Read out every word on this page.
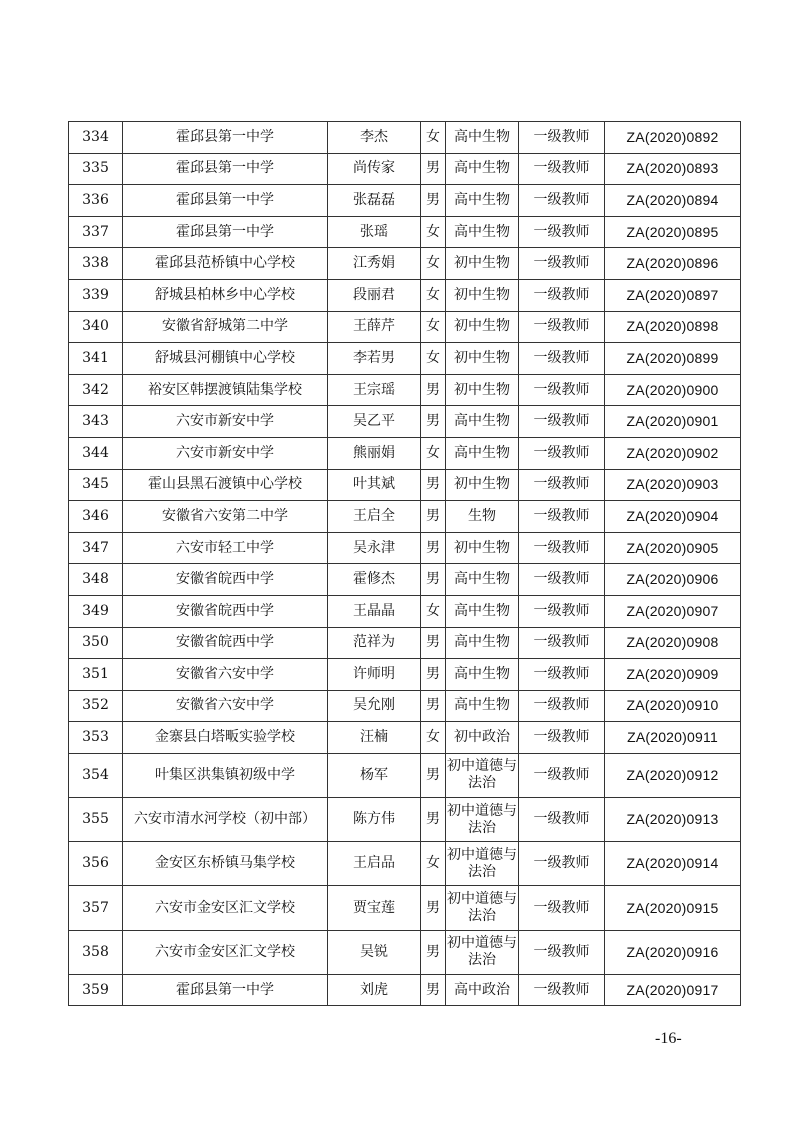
334	霍邱县第一中学	李杰	女	高中生物	一级教师	ZA(2020)0892
335	霍邱县第一中学	尚传家	男	高中生物	一级教师	ZA(2020)0893
336	霍邱县第一中学	张磊磊	男	高中生物	一级教师	ZA(2020)0894
337	霍邱县第一中学	张瑶	女	高中生物	一级教师	ZA(2020)0895
338	霍邱县范桥镇中心学校	江秀娟	女	初中生物	一级教师	ZA(2020)0896
339	舒城县柏林乡中心学校	段丽君	女	初中生物	一级教师	ZA(2020)0897
340	安徽省舒城第二中学	王薛芹	女	初中生物	一级教师	ZA(2020)0898
341	舒城县河棚镇中心学校	李若男	女	初中生物	一级教师	ZA(2020)0899
342	裕安区韩摆渡镇陆集学校	王宗瑶	男	初中生物	一级教师	ZA(2020)0900
343	六安市新安中学	吴乙平	男	高中生物	一级教师	ZA(2020)0901
344	六安市新安中学	熊丽娟	女	高中生物	一级教师	ZA(2020)0902
345	霍山县黑石渡镇中心学校	叶其斌	男	初中生物	一级教师	ZA(2020)0903
346	安徽省六安第二中学	王启全	男	生物	一级教师	ZA(2020)0904
347	六安市轻工中学	吴永津	男	初中生物	一级教师	ZA(2020)0905
348	安徽省皖西中学	霍修杰	男	高中生物	一级教师	ZA(2020)0906
349	安徽省皖西中学	王晶晶	女	高中生物	一级教师	ZA(2020)0907
350	安徽省皖西中学	范祥为	男	高中生物	一级教师	ZA(2020)0908
351	安徽省六安中学	许师明	男	高中生物	一级教师	ZA(2020)0909
352	安徽省六安中学	吴允刚	男	高中生物	一级教师	ZA(2020)0910
353	金寨县白塔畈实验学校	汪楠	女	初中政治	一级教师	ZA(2020)0911
354	叶集区洪集镇初级中学	杨军	男	初中道德与法治	一级教师	ZA(2020)0912
355	六安市清水河学校（初中部）	陈方伟	男	初中道德与法治	一级教师	ZA(2020)0913
356	金安区东桥镇马集学校	王启品	女	初中道德与法治	一级教师	ZA(2020)0914
357	六安市金安区汇文学校	贾宝莲	男	初中道德与法治	一级教师	ZA(2020)0915
358	六安市金安区汇文学校	吴锐	男	初中道德与法治	一级教师	ZA(2020)0916
359	霍邱县第一中学	刘虎	男	高中政治	一级教师	ZA(2020)0917
-16-
